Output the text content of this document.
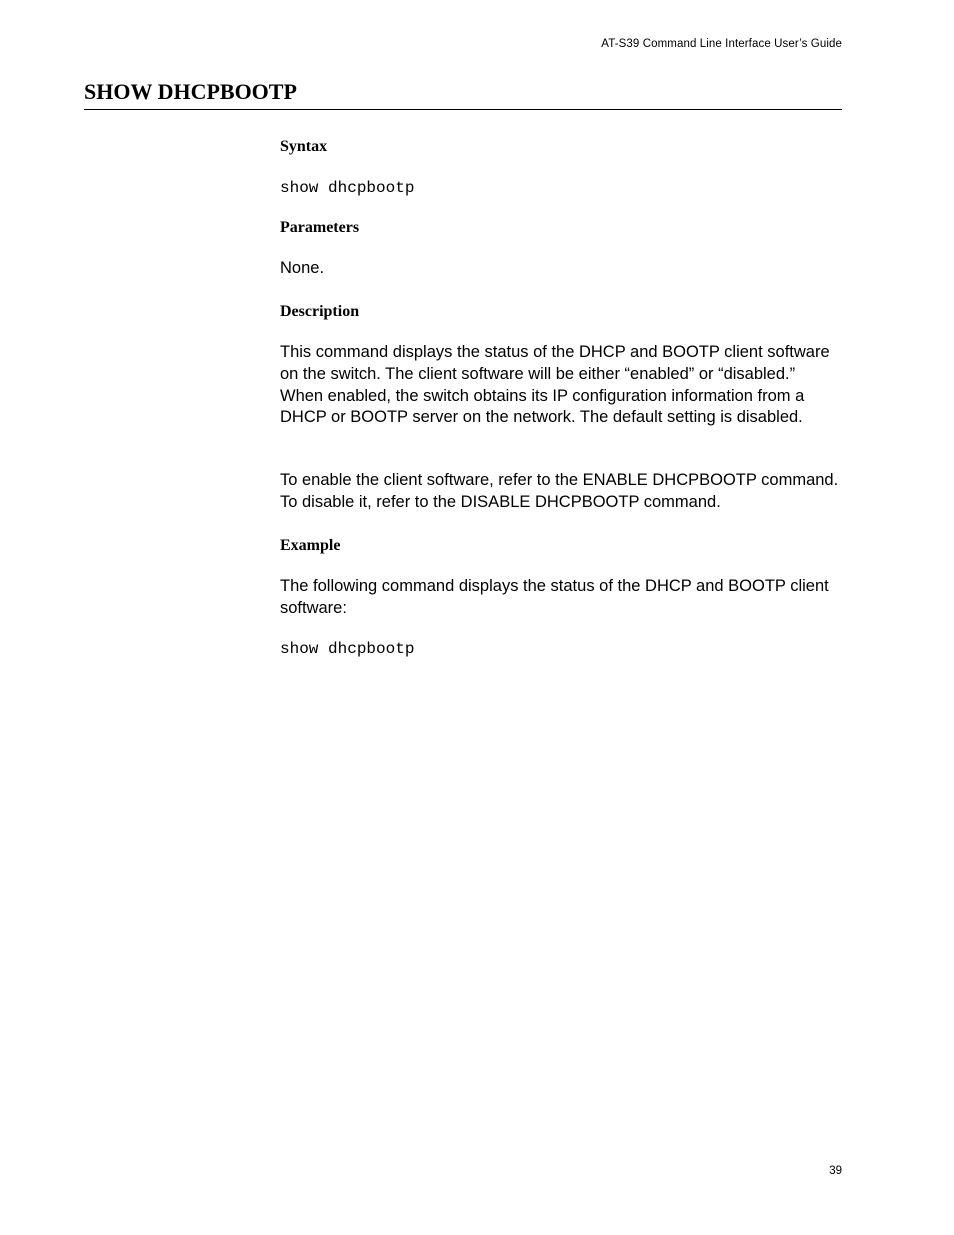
AT-S39 Command Line Interface User’s Guide
SHOW DHCPBOOTP
Syntax
show dhcpbootp
Parameters

None.

Description

This command displays the status of the DHCP and BOOTP client software on the switch. The client software will be either “enabled” or “disabled.” When enabled, the switch obtains its IP configuration information from a DHCP or BOOTP server on the network. The default setting is disabled.

To enable the client software, refer to the ENABLE DHCPBOOTP command. To disable it, refer to the DISABLE DHCPBOOTP command.

Example

The following command displays the status of the DHCP and BOOTP client software:

show dhcpbootp
39
